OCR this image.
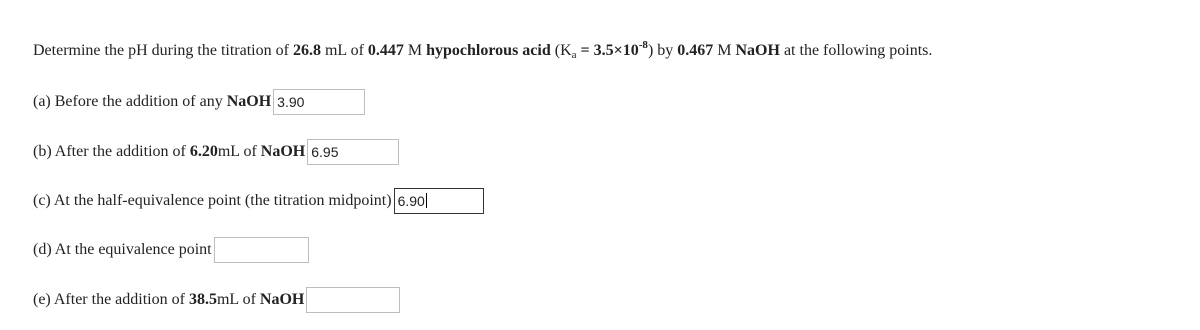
Determine the pH during the titration of 26.8 mL of 0.447 M hypochlorous acid $(K_a = 3.5\times 10^{-8})$ by 0.467 M NaOH at the following points.
(a) Before the addition of any
NaOH 3.90
(b) After the addition of
6.20 mL of
NaOH 6.95
(c) At the half-equivalence point (the titration midpoint) 6.90
(d) At the equivalence point
(e) After the addition of
38.5 mL of
NaOH
